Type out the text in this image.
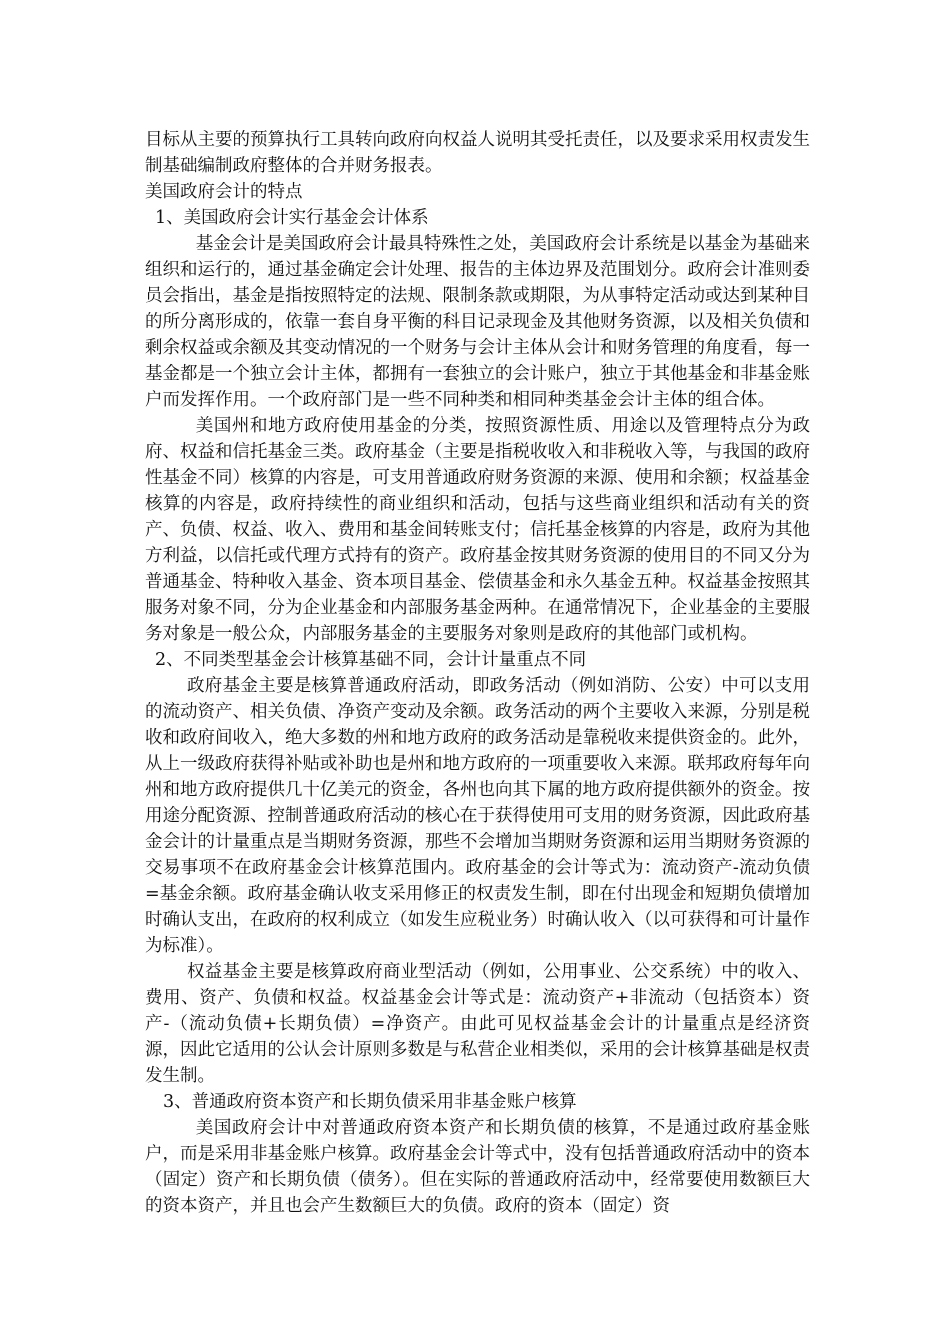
目标从主要的预算执行工具转向政府向权益人说明其受托责任，以及要求采用权责发生制基础编制政府整体的合并财务报表。

美国政府会计的特点

1、美国政府会计实行基金会计体系

基金会计是美国政府会计最具特殊性之处，美国政府会计系统是以基金为基础来组织和运行的，通过基金确定会计处理、报告的主体边界及范围划分。政府会计准则委员会指出，基金是指按照特定的法规、限制条款或期限，为从事特定活动或达到某种目的所分离形成的，依靠一套自身平衡的科目记录现金及其他财务资源，以及相关负债和剩余权益或余额及其变动情况的一个财务与会计主体从会计和财务管理的角度看，每一基金都是一个独立会计主体，都拥有一套独立的会计账户，独立于其他基金和非基金账户而发挥作用。一个政府部门是一些不同种类和相同种类基金会计主体的组合体。

美国州和地方政府使用基金的分类，按照资源性质、用途以及管理特点分为政府、权益和信托基金三类。政府基金（主要是指税收收入和非税收入等，与我国的政府性基金不同）核算的内容是，可支用普通政府财务资源的来源、使用和余额；权益基金核算的内容是，政府持续性的商业组织和活动，包括与这些商业组织和活动有关的资产、负债、权益、收入、费用和基金间转账支付；信托基金核算的内容是，政府为其他方利益，以信托或代理方式持有的资产。政府基金按其财务资源的使用目的不同又分为普通基金、特种收入基金、资本项目基金、偿债基金和永久基金五种。权益基金按照其服务对象不同，分为企业基金和内部服务基金两种。在通常情况下，企业基金的主要服务对象是一般公众，内部服务基金的主要服务对象则是政府的其他部门或机构。

2、不同类型基金会计核算基础不同，会计计量重点不同

政府基金主要是核算普通政府活动，即政务活动（例如消防、公安）中可以支用的流动资产、相关负债、净资产变动及余额。政务活动的两个主要收入来源，分别是税收和政府间收入，绝大多数的州和地方政府的政务活动是靠税收来提供资金的。此外，从上一级政府获得补贴或补助也是州和地方政府的一项重要收入来源。联邦政府每年向州和地方政府提供几十亿美元的资金，各州也向其下属的地方政府提供额外的资金。按用途分配资源、控制普通政府活动的核心在于获得使用可支用的财务资源，因此政府基金会计的计量重点是当期财务资源，那些不会增加当期财务资源和运用当期财务资源的交易事项不在政府基金会计核算范围内。政府基金的会计等式为：流动资产-流动负债=基金余额。政府基金确认收支采用修正的权责发生制，即在付出现金和短期负债增加时确认支出，在政府的权利成立（如发生应税业务）时确认收入（以可获得和可计量作为标准）。

权益基金主要是核算政府商业型活动（例如，公用事业、公交系统）中的收入、费用、资产、负债和权益。权益基金会计等式是：流动资产+非流动（包括资本）资产-（流动负债+长期负债）=净资产。由此可见权益基金会计的计量重点是经济资源，因此它适用的公认会计原则多数是与私营企业相类似，采用的会计核算基础是权责发生制。

3、普通政府资本资产和长期负债采用非基金账户核算

美国政府会计中对普通政府资本资产和长期负债的核算，不是通过政府基金账户，而是采用非基金账户核算。政府基金会计等式中，没有包括普通政府活动中的资本（固定）资产和长期负债（债务）。但在实际的普通政府活动中，经常要使用数额巨大的资本资产，并且也会产生数额巨大的负债。政府的资本（固定）资
